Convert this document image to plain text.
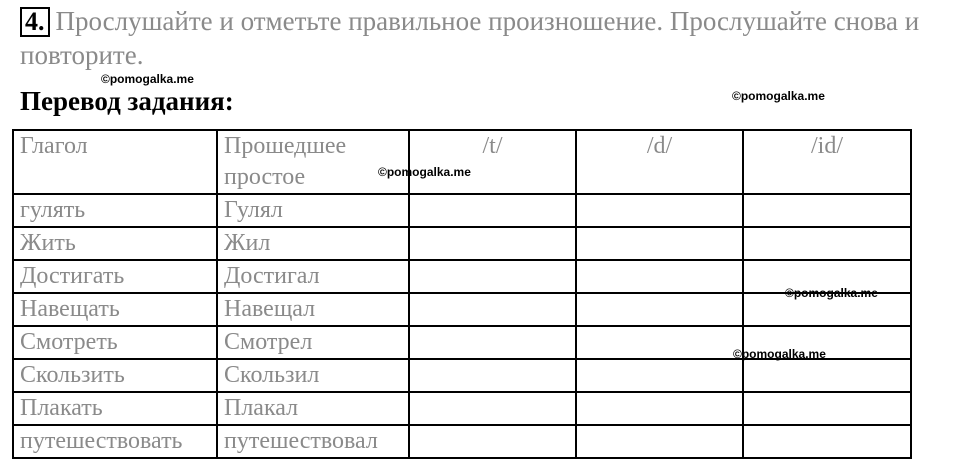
4. Прослушайте и отметьте правильное произношение. Прослушайте снова и повторите.
Перевод задания:
Глагол	Прошедшее простое	/t/	/d/	/id/
гулять	Гулял			
Жить	Жил			
Достигать	Достигал			
Навещать	Навещал			
Смотреть	Смотрел			
Скользить	Скользил			
Плакать	Плакал			
путешествовать	путешествовал			
©pomogalka.me
©pomogalka.me
©pomogalka.me
©pomogalka.me
©pomogalka.me
